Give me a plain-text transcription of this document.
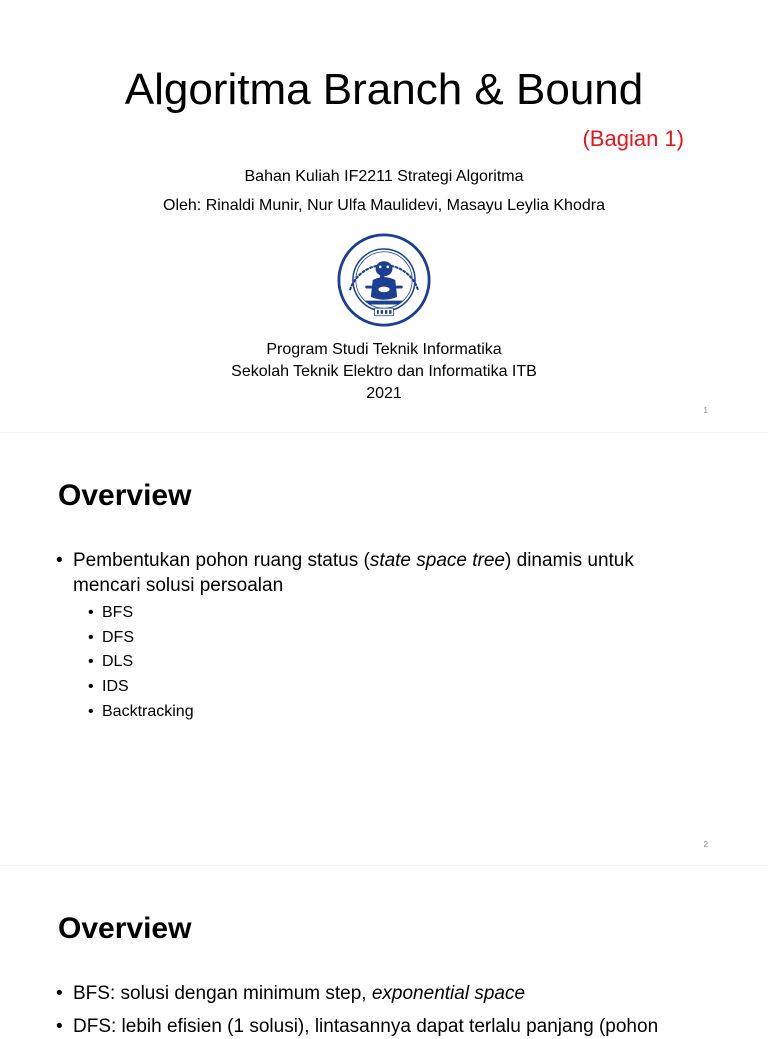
Algoritma Branch & Bound
(Bagian 1)
Bahan Kuliah IF2211 Strategi Algoritma
Oleh: Rinaldi Munir, Nur Ulfa Maulidevi, Masayu Leylia Khodra
Program Studi Teknik Informatika
Sekolah Teknik Elektro dan Informatika ITB
2021
1
Overview
• Pembentukan pohon ruang status (state space tree) dinamis untuk
mencari solusi persoalan
• BFS
• DFS
• DLS
• IDS
• Backtracking
2
Overview
• BFS: solusi dengan minimum step, exponential space
• DFS: lebih efisien (1 solusi), lintasannya dapat terlalu panjang (pohon
